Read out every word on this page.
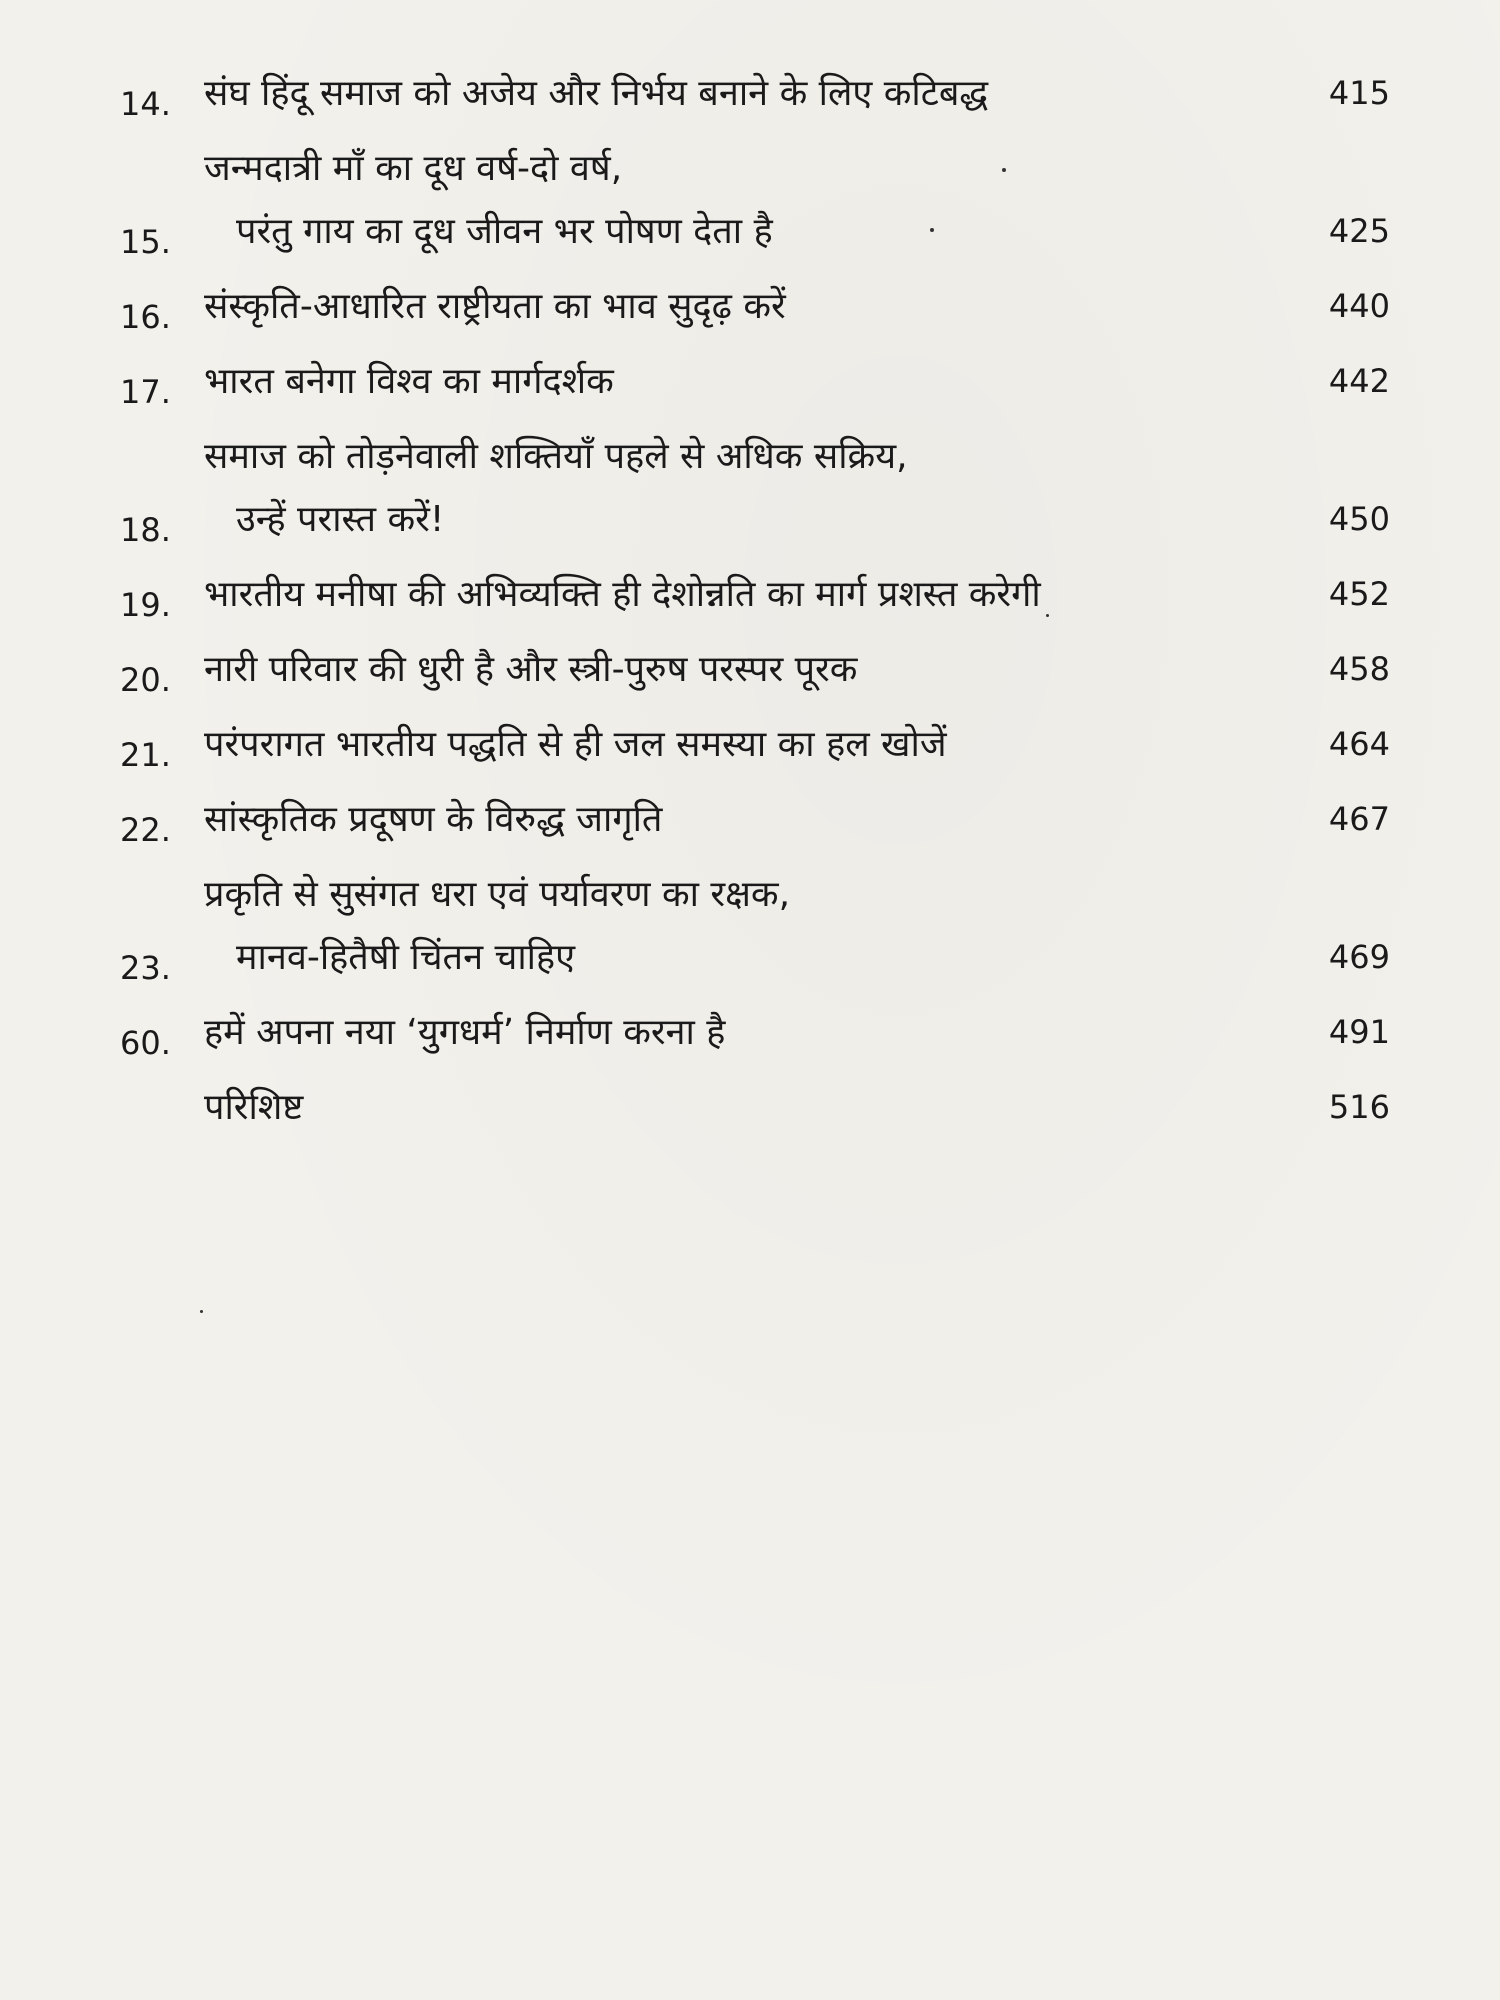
14. संघ हिंदू समाज को अजेय और निर्भय बनाने के लिए कटिबद्ध	415
15.
जन्मदात्री माँ का दूध वर्ष-दो वर्ष,
परंतु गाय का दूध जीवन भर पोषण देता है	425
16. संस्कृति-आधारित राष्ट्रीयता का भाव सुदृढ़ करें	440
17. भारत बनेगा विश्व का मार्गदर्शक	442
18.
समाज को तोड़नेवाली शक्तियाँ पहले से अधिक सक्रिय,
उन्हें परास्त करें!	450
19. भारतीय मनीषा की अभिव्यक्ति ही देशोन्नति का मार्ग प्रशस्त करेगी	452
20. नारी परिवार की धुरी है और स्त्री-पुरुष परस्पर पूरक	458
21. परंपरागत भारतीय पद्धति से ही जल समस्या का हल खोजें	464
22. सांस्कृतिक प्रदूषण के विरुद्ध जागृति	467
23.
प्रकृति से सुसंगत धरा एवं पर्यावरण का रक्षक,
मानव-हितैषी चिंतन चाहिए	469
60. हमें अपना नया ‘युगधर्म’ निर्माण करना है	491
परिशिष्ट	516
